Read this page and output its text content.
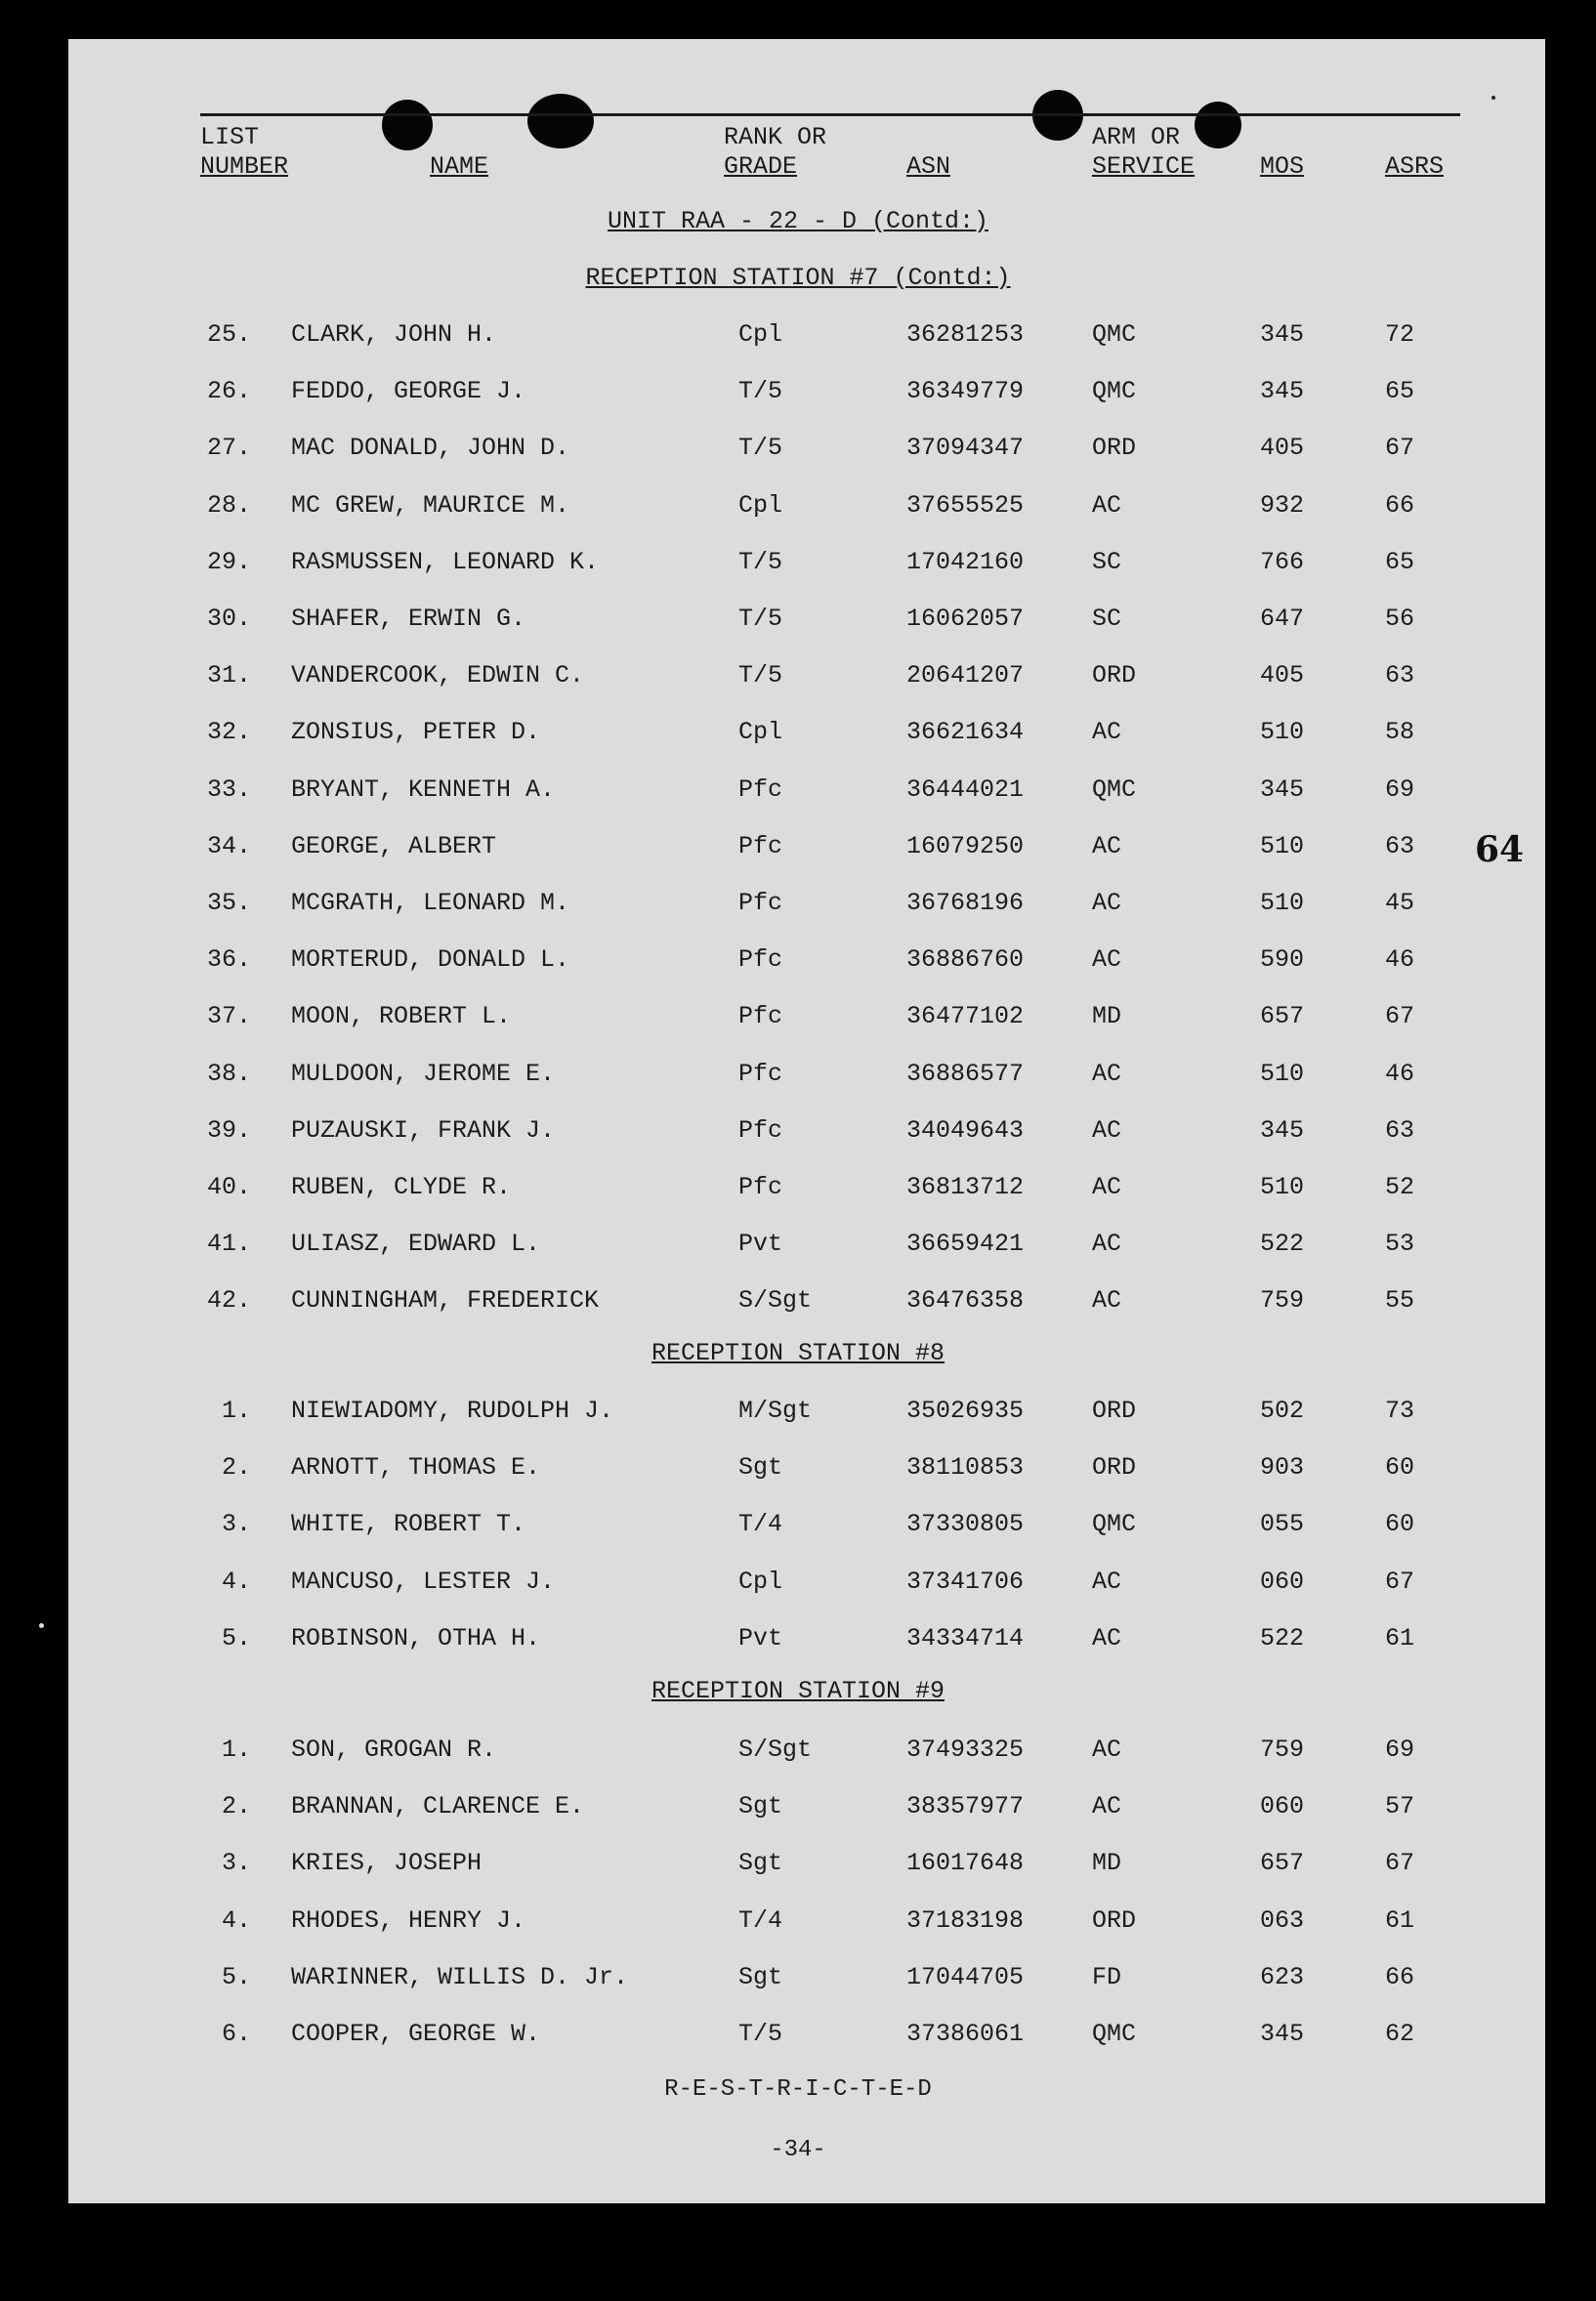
LIST
NUMBER	NAME
RANK OR
GRADE	ASN
ARM OR
SERVICE	MOS	ASRS
UNIT RAA - 22 - D (Contd:)
RECEPTION STATION #7 (Contd:)
25. CLARK, JOHN H.	Cpl	36281253	QMC	345	72
26. FEDDO, GEORGE J.	T/5	36349779	QMC	345	65
27. MAC DONALD, JOHN D.	T/5	37094347	ORD	405	67
28. MC GREW, MAURICE M.	Cpl	37655525	AC	932	66
29. RASMUSSEN, LEONARD K.	T/5	17042160	SC	766	65
30. SHAFER, ERWIN G.	T/5	16062057	SC	647	56
31. VANDERCOOK, EDWIN C.	T/5	20641207	ORD	405	63
32. ZONSIUS, PETER D.	Cpl	36621634	AC	510	58
33. BRYANT, KENNETH A.	Pfc	36444021	QMC	345	69
34. GEORGE, ALBERT	Pfc	16079250	AC	510	63
35. MCGRATH, LEONARD M.	Pfc	36768196	AC	510	45
36. MORTERUD, DONALD L.	Pfc	36886760	AC	590	46
37. MOON, ROBERT L.	Pfc	36477102	MD	657	67
38. MULDOON, JEROME E.	Pfc	36886577	AC	510	46
39. PUZAUSKI, FRANK J.	Pfc	34049643	AC	345	63
40. RUBEN, CLYDE R.	Pfc	36813712	AC	510	52
41. ULIASZ, EDWARD L.	Pvt	36659421	AC	522	53
42. CUNNINGHAM, FREDERICK	S/Sgt	36476358	AC	759	55
RECEPTION STATION #8
1. NIEWIADOMY, RUDOLPH J.	M/Sgt	35026935	ORD	502	73
2. ARNOTT, THOMAS E.	Sgt	38110853	ORD	903	60
3. WHITE, ROBERT T.	T/4	37330805	QMC	055	60
4. MANCUSO, LESTER J.	Cpl	37341706	AC	060	67
5. ROBINSON, OTHA H.	Pvt	34334714	AC	522	61
RECEPTION STATION #9
1. SON, GROGAN R.	S/Sgt	37493325	AC	759	69
2. BRANNAN, CLARENCE E.	Sgt	38357977	AC	060	57
3. KRIES, JOSEPH	Sgt	16017648	MD	657	67
4. RHODES, HENRY J.	T/4	37183198	ORD	063	61
5. WARINNER, WILLIS D. Jr.	Sgt	17044705	FD	623	66
6. COOPER, GEORGE W.	T/5	37386061	QMC	345	62
64
R-E-S-T-R-I-C-T-E-D
-34-
